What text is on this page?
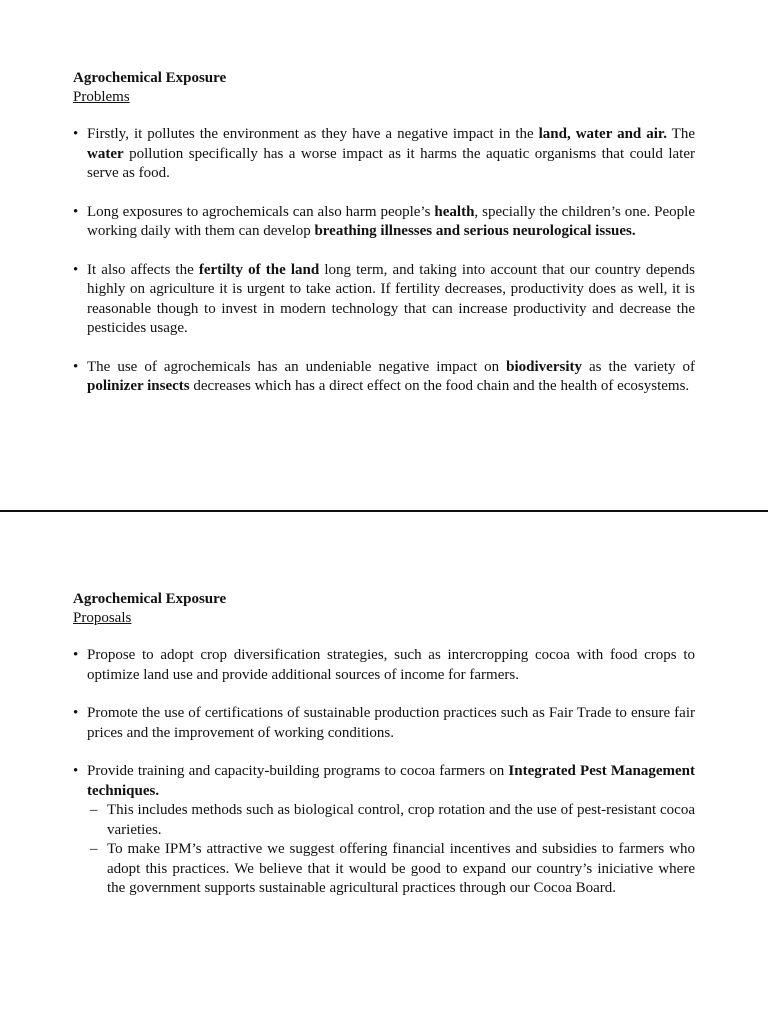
Agrochemical Exposure

Problems

• Firstly, it pollutes the environment as they have a negative impact in the land, water and air. The water pollution specifically has a worse impact as it harms the aquatic organisms that could later serve as food.
• Long exposures to agrochemicals can also harm people’s health, specially the children’s one. People working daily with them can develop breathing illnesses and serious neurological issues.
• It also affects the fertilty of the land long term, and taking into account that our country depends highly on agriculture it is urgent to take action. If fertility decreases, productivity does as well, it is reasonable though to invest in modern technology that can increase productivity and decrease the pesticides usage.
• The use of agrochemicals has an undeniable negative impact on biodiversity as the variety of polinizer insects decreases which has a direct effect on the food chain and the health of ecosystems.

Agrochemical Exposure

Proposals

• Propose to adopt crop diversification strategies, such as intercropping cocoa with food crops to optimize land use and provide additional sources of income for farmers.
• Promote the use of certifications of sustainable production practices such as Fair Trade to ensure fair prices and the improvement of working conditions.
• Provide training and capacity-building programs to cocoa farmers on Integrated Pest Management techniques.
– This includes methods such as biological control, crop rotation and the use of pest-resistant cocoa varieties.
– To make IPM’s attractive we suggest offering financial incentives and subsidies to farmers who adopt this practices. We believe that it would be good to expand our country’s iniciative where the government supports sustainable agricultural practices through our Cocoa Board.
